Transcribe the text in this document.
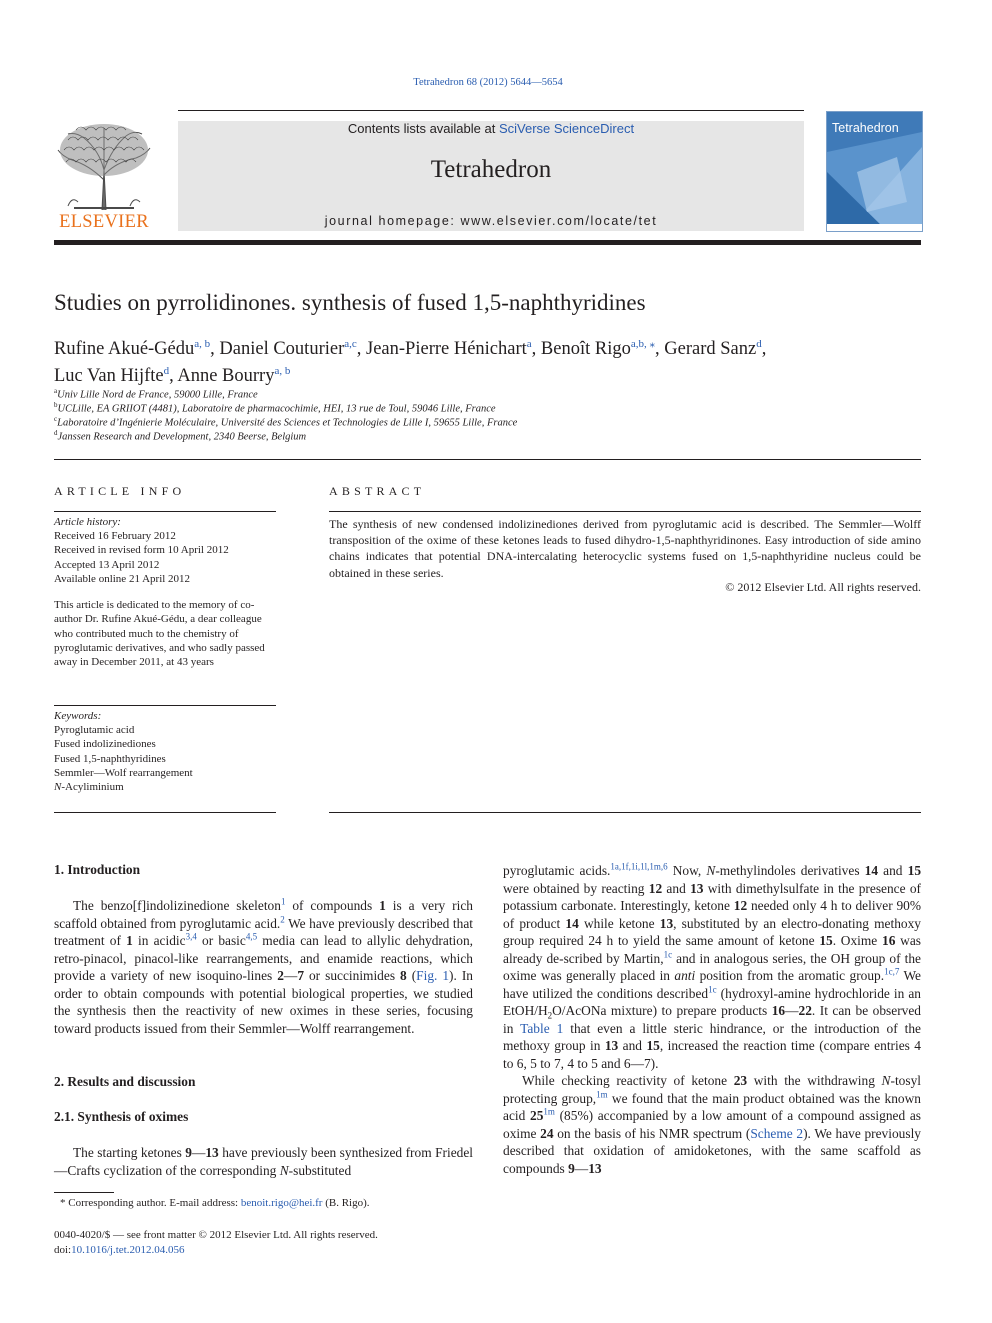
Tetrahedron 68 (2012) 5644—5654
ELSEVIER
Contents lists available at SciVerse ScienceDirect
Tetrahedron
journal homepage: www.elsevier.com/locate/tet
Tetrahedron
Studies on pyrrolidinones. synthesis of fused 1,5-naphthyridines
Rufine Akué-Gédu$^{a, b}$, Daniel Couturier$^{a,c}$, Jean-Pierre Hénichart$^a$, Benoît Rigo$^{a,b, ⁎}$, Gerard Sanz$^d$,
Luc Van Hijfte$^d$, Anne Bourry$^{a, b}$
$^a$Univ Lille Nord de France, 59000 Lille, France
$^b$UCLille, EA GRIIOT (4481), Laboratoire de pharmacochimie, HEI, 13 rue de Toul, 59046 Lille, France
$^c$Laboratoire d’Ingénierie Moléculaire, Université des Sciences et Technologies de Lille I, 59655 Lille, France
$^d$Janssen Research and Development, 2340 Beerse, Belgium
ARTICLE INFO
Article history:
Received 16 February 2012
Received in revised form 10 April 2012
Accepted 13 April 2012
Available online 21 April 2012
This article is dedicated to the memory of co-author Dr. Rufine Akué-Gédu, a dear colleague who contributed much to the chemistry of pyroglutamic derivatives, and who sadly passed away in December 2011, at 43 years
Keywords:
Pyroglutamic acid
Fused indolizinediones
Fused 1,5-naphthyridines
Semmler—Wolf rearrangement
N-Acyliminium
ABSTRACT
The synthesis of new condensed indolizinediones derived from pyroglutamic acid is described. The Semmler—Wolff transposition of the oxime of these ketones leads to fused dihydro-1,5-naphthyridinones. Easy introduction of side amino chains indicates that potential DNA-intercalating heterocyclic systems fused on 1,5-naphthyridine nucleus could be obtained in these series.
© 2012 Elsevier Ltd. All rights reserved.
1. Introduction
2. Results and discussion
2.1. Synthesis of oximes

The benzo[f]indolizinedione skeleton$^1$ of compounds 1 is a very rich scaffold obtained from pyroglutamic acid.$^2$ We have previously described that treatment of 1 in acidic$^{3,4}$ or basic$^{4,5}$ media can lead to allylic dehydration, retro-pinacol, pinacol-like rearrangements, and enamide reactions, which provide a variety of new isoquino-lines 2—7 or succinimides 8 (Fig. 1). In order to obtain compounds with potential biological properties, we studied the synthesis then the reactivity of new oximes in these series, focusing toward products issued from their Semmler—Wolff rearrangement.

The starting ketones 9—13 have previously been synthesized from Friedel—Crafts cyclization of the corresponding N-substituted

pyroglutamic acids.$^{1a,1f,1i,1l,1m,6}$ Now, N-methylindoles derivatives 14 and 15 were obtained by reacting 12 and 13 with dimethylsulfate in the presence of potassium carbonate. Interestingly, ketone 12 needed only 4 h to deliver 90% of product 14 while ketone 13, substituted by an electro-donating methoxy group required 24 h to yield the same amount of ketone 15. Oxime 16 was already de-scribed by Martin,$^{1c}$ and in analogous series, the OH group of the oxime was generally placed in anti position from the aromatic group.$^{1c,7}$ We have utilized the conditions described$^{1c}$ (hydroxyl-amine hydrochloride in an EtOH/$H_2O$/AcONa mixture) to prepare products 16—22. It can be observed in Table 1 that even a little steric hindrance, or the introduction of the methoxy group in 13 and 15, increased the reaction time (compare entries 4 to 6, 5 to 7, 4 to 5 and 6—7).

While checking reactivity of ketone 23 with the withdrawing N-tosyl protecting group,$^{1m}$ we found that the main product obtained was the known acid $25^{1m}$ (85%) accompanied by a low amount of a compound assigned as oxime 24 on the basis of his NMR spectrum (Scheme 2). We have previously described that oxidation of amidoketones, with the same scaffold as compounds 9—13

* Corresponding author. E-mail address: benoit.rigo@hei.fr (B. Rigo).
0040-4020/$ — see front matter © 2012 Elsevier Ltd. All rights reserved.
doi:10.1016/j.tet.2012.04.056
